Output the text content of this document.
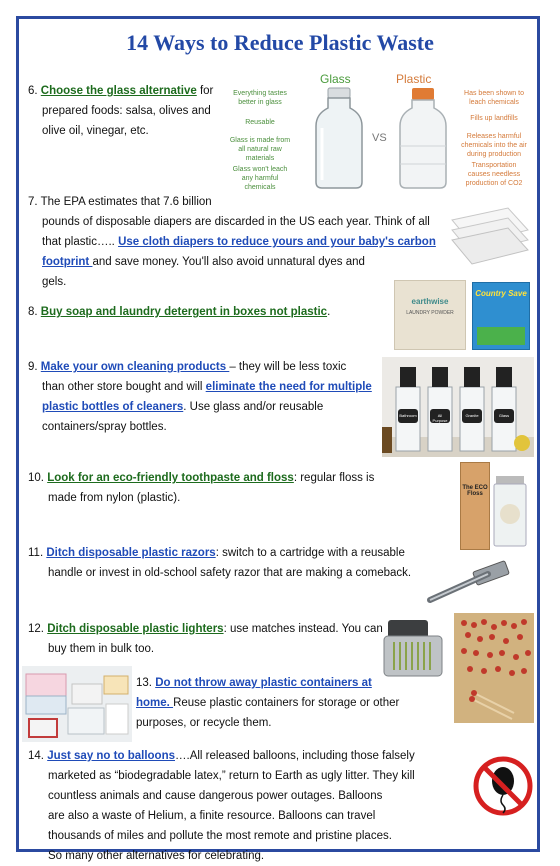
14 Ways to Reduce Plastic Waste
6. Choose the glass alternative for
prepared foods: salsa, olives and
olive oil, vinegar, etc.
Glass	Plastic
Everything tastes better in glass
Reusable
Glass is made from all natural raw materials
Glass won't leach any harmful chemicals
VS
Has been shown to leach chemicals
Fills up landfills
Releases harmful chemicals into the air during production
Transportation causes needless production of CO2
7. The EPA estimates that 7.6 billion
pounds of disposable diapers are discarded in the US each year. Think of all
that plastic….. Use cloth diapers to reduce yours and your baby's carbon
footprint and save money. You'll also avoid unnatural dyes and
gels.
8. Buy soap and laundry detergent in boxes not plastic.
earthwise
LAUNDRY POWDER
Country Save
9. Make your own cleaning products – they will be less toxic
than other store bought and will eliminate the need for multiple
plastic bottles of cleaners. Use glass and/or reusable
containers/spray bottles.
Bathroom	All Purpose
Granite	Glass
10. Look for an eco-friendly toothpaste and floss: regular floss is
made from nylon (plastic).
The ECO Floss
11. Ditch disposable plastic razors: switch to a cartridge with a reusable
handle or invest in old-school safety razor that are making a comeback.
12. Ditch disposable plastic lighters: use matches instead. You can
buy them in bulk too.
13. Do not throw away plastic containers at
home. Reuse plastic containers for storage or other
purposes, or recycle them.
14. Just say no to balloons….All released balloons, including those falsely
marketed as “biodegradable latex,” return to Earth as ugly litter. They kill
countless animals and cause dangerous power outages. Balloons
are also a waste of Helium, a finite resource. Balloons can travel
thousands of miles and pollute the most remote and pristine places.
So many other alternatives for celebrating.
